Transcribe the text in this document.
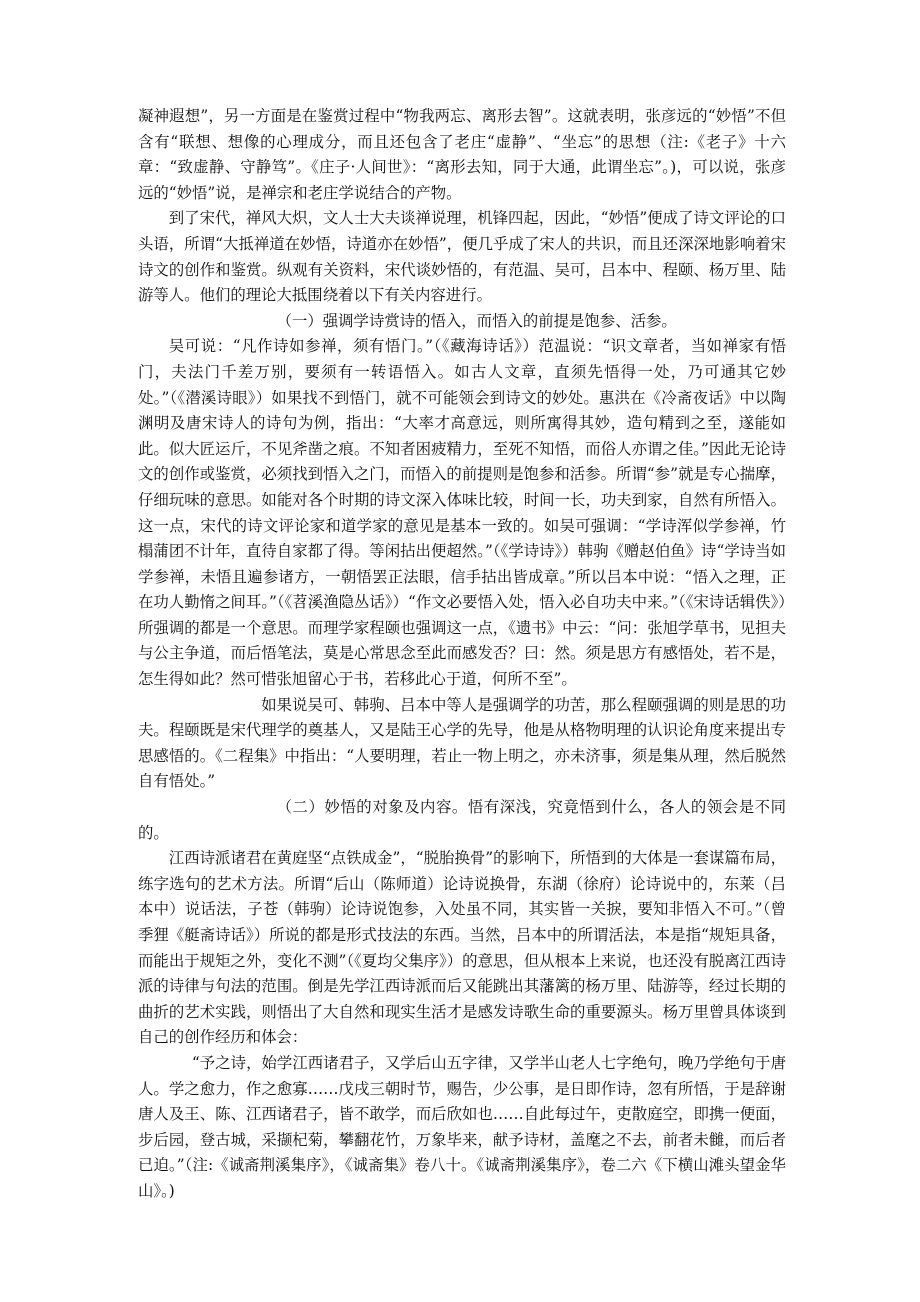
凝神遐想”，另一方面是在鉴赏过程中“物我两忘、离形去智”。这就表明，张彦远的“妙悟”不但含有“联想、想像的心理成分，而且还包含了老庄“虚静”、“坐忘”的思想（注:《老子》十六章：“致虚静、守静笃”。《庄子·人间世》：“离形去知，同于大通，此谓坐忘”。)，可以说，张彦远的“妙悟”说，是禅宗和老庄学说结合的产物。

到了宋代，禅风大炽，文人士大夫谈禅说理，机锋四起，因此，“妙悟”便成了诗文评论的口头语，所谓“大抵禅道在妙悟，诗道亦在妙悟”，便几乎成了宋人的共识，而且还深深地影响着宋诗文的创作和鉴赏。纵观有关资料，宋代谈妙悟的，有范温、吴可，吕本中、程颐、杨万里、陆游等人。他们的理论大抵围绕着以下有关内容进行。

（一）强调学诗赏诗的悟入，而悟入的前提是饱参、活参。

吴可说：“凡作诗如参禅，须有悟门。”（《藏海诗话》）范温说：“识文章者，当如禅家有悟门，夫法门千差万别，要须有一转语悟入。如古人文章，直须先悟得一处，乃可通其它妙处。”（《潜溪诗眼》）如果找不到悟门，就不可能领会到诗文的妙处。惠洪在《冷斋夜话》中以陶渊明及唐宋诗人的诗句为例，指出：“大率才高意远，则所寓得其妙，造句精到之至，遂能如此。似大匠运斤，不见斧凿之痕。不知者困疲精力，至死不知悟，而俗人亦谓之佳。”因此无论诗文的创作或鉴赏，必须找到悟入之门，而悟入的前提则是饱参和活参。所谓“参”就是专心揣摩，仔细玩味的意思。如能对各个时期的诗文深入体味比较，时间一长，功夫到家，自然有所悟入。这一点，宋代的诗文评论家和道学家的意见是基本一致的。如吴可强调：“学诗浑似学参禅，竹榻蒲团不计年，直待自家都了得。等闲拈出便超然。”（《学诗诗》）韩驹《赠赵伯鱼》诗“学诗当如学参禅，未悟且遍参诸方，一朝悟罢正法眼，信手拈出皆成章。”所以吕本中说：“悟入之理，正在功人勤惰之间耳。”（《苕溪渔隐丛话》）“作文必要悟入处，悟入必自功夫中来。”（《宋诗话辑佚》）所强调的都是一个意思。而理学家程颐也强调这一点，《遗书》中云：“问：张旭学草书，见担夫与公主争道，而后悟笔法，莫是心常思念至此而感发否？曰：然。须是思方有感悟处，若不是，怎生得如此？然可惜张旭留心于书，若移此心于道，何所不至”。

如果说吴可、韩驹、吕本中等人是强调学的功苦，那么程颐强调的则是思的功夫。程颐既是宋代理学的奠基人，又是陆王心学的先导，他是从格物明理的认识论角度来提出专思感悟的。《二程集》中指出：“人要明理，若止一物上明之，亦未济事，须是集从理，然后脱然自有悟处。”

（二）妙悟的对象及内容。悟有深浅，究竟悟到什么，各人的领会是不同的。

江西诗派诸君在黄庭坚“点铁成金”，“脱胎换骨”的影响下，所悟到的大体是一套谋篇布局，练字选句的艺术方法。所谓“后山（陈师道）论诗说换骨，东湖（徐府）论诗说中的，东莱（吕本中）说话法，子苍（韩驹）论诗说饱参，入处虽不同，其实皆一关捩，要知非悟入不可。”（曾季狸《艇斋诗话》）所说的都是形式技法的东西。当然，吕本中的所谓活法，本是指“规矩具备，而能出于规矩之外，变化不测”（《夏均父集序》）的意思，但从根本上来说，也还没有脱离江西诗派的诗律与句法的范围。倒是先学江西诗派而后又能跳出其藩篱的杨万里、陆游等，经过长期的曲折的艺术实践，则悟出了大自然和现实生活才是感发诗歌生命的重要源头。杨万里曾具体谈到自己的创作经历和体会：

“予之诗，始学江西诸君子，又学后山五字律，又学半山老人七字绝句，晚乃学绝句于唐人。学之愈力，作之愈寡……戊戌三朝时节，赐告，少公事，是日即作诗，忽有所悟，于是辞谢唐人及王、陈、江西诸君子，皆不敢学，而后欣如也……自此每过午，吏散庭空，即携一便面，步后园，登古城，采撷杞菊，攀翻花竹，万象毕来，献予诗材，盖麾之不去，前者未雠，而后者已迫。”（注:《诚斋荆溪集序》，《诚斋集》卷八十。《诚斋荆溪集序》，卷二六《下横山滩头望金华山》。)
